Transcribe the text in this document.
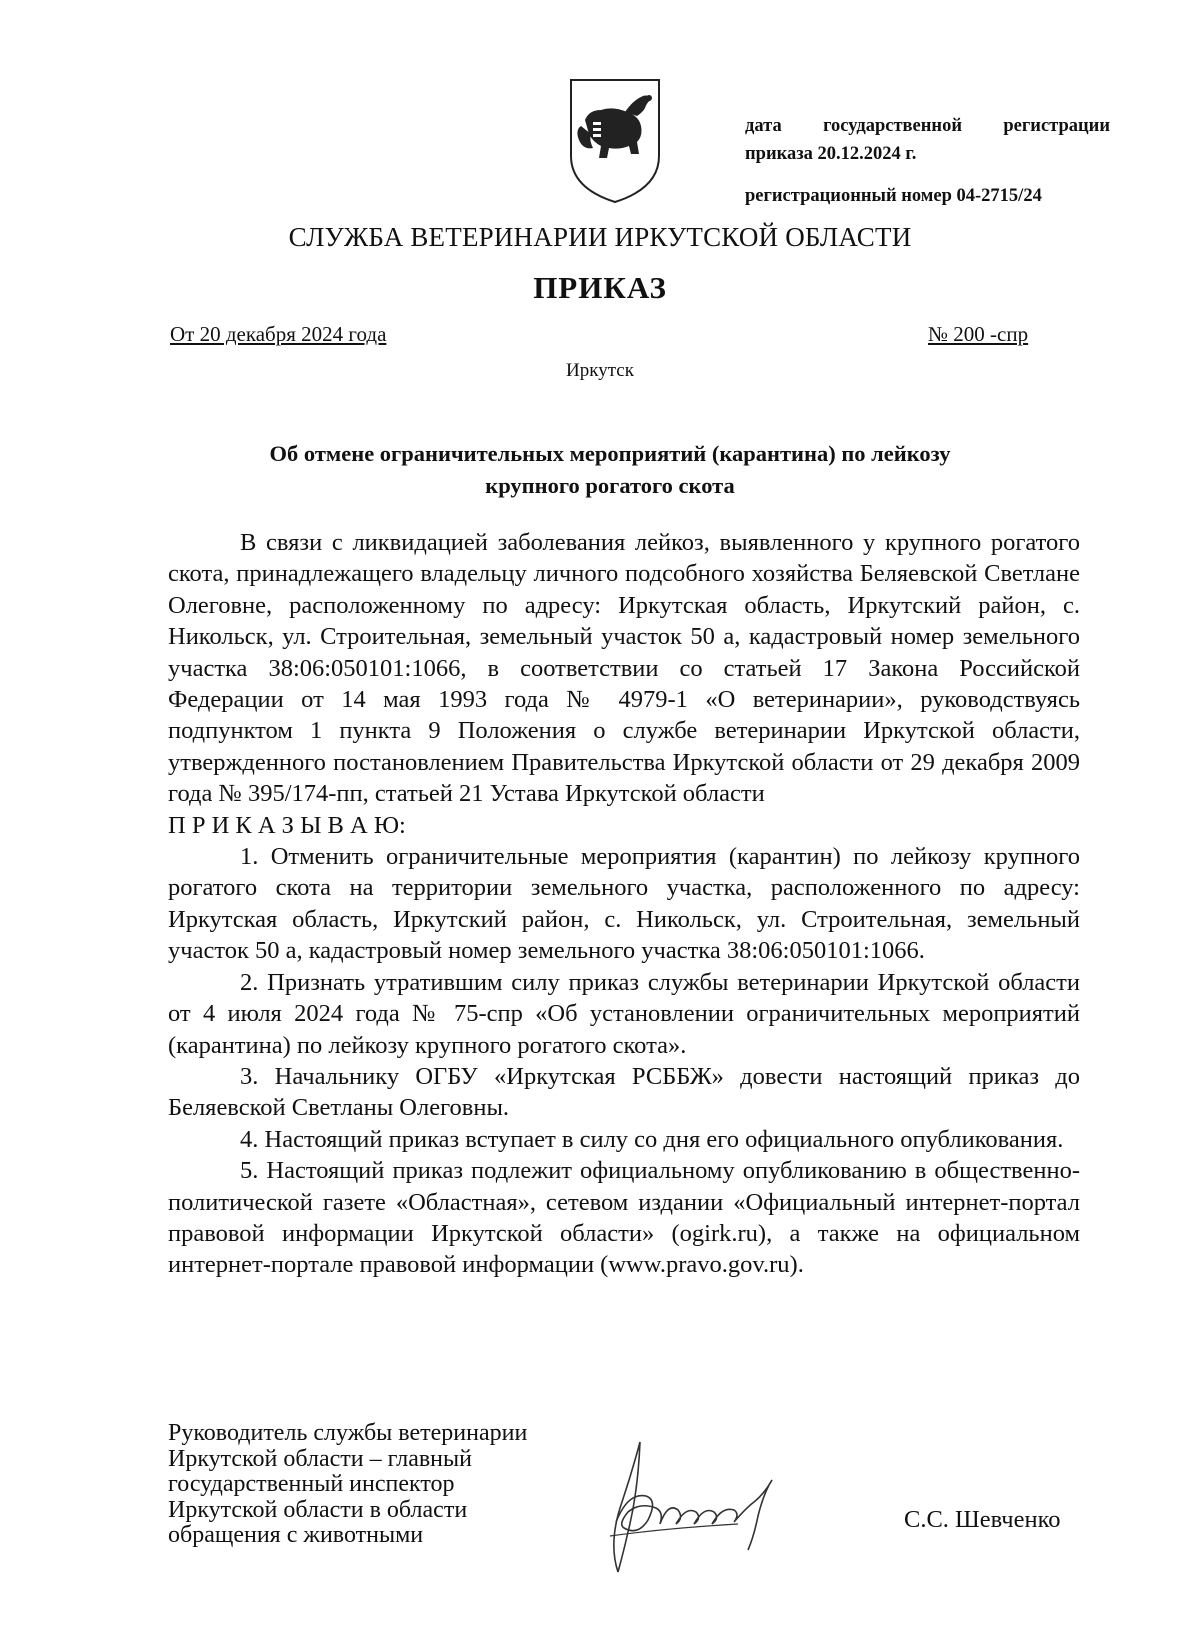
дата государственной регистрации
приказа 20.12.2024 г.
регистрационный номер 04-2715/24
СЛУЖБА ВЕТЕРИНАРИИ ИРКУТСКОЙ ОБЛАСТИ
ПРИКАЗ
От 20 декабря 2024 года	№ 200 -спр
Иркутск
Об отмене ограничительных мероприятий (карантина) по лейкозу
крупного рогатого скота

В связи с ликвидацией заболевания лейкоз, выявленного у крупного рогатого скота, принадлежащего владельцу личного подсобного хозяйства Беляевской Светлане Олеговне, расположенному по адресу: Иркутская область, Иркутский район, с. Никольск, ул. Строительная, земельный участок 50 а, кадастровый номер земельного участка 38:06:050101:1066, в соответствии со статьей 17 Закона Российской Федерации от 14 мая 1993 года № 4979-1 «О ветеринарии», руководствуясь подпунктом 1 пункта 9 Положения о службе ветеринарии Иркутской области, утвержденного постановлением Правительства Иркутской области от 29 декабря 2009 года № 395/174-пп, статьей 21 Устава Иркутской области

П Р И К А З Ы В А Ю:

1. Отменить ограничительные мероприятия (карантин) по лейкозу крупного рогатого скота на территории земельного участка, расположенного по адресу: Иркутская область, Иркутский район, с. Никольск, ул. Строительная, земельный участок 50 а, кадастровый номер земельного участка 38:06:050101:1066.

2. Признать утратившим силу приказ службы ветеринарии Иркутской области от 4 июля 2024 года № 75-спр «Об установлении ограничительных мероприятий (карантина) по лейкозу крупного рогатого скота».

3. Начальнику ОГБУ «Иркутская РСББЖ» довести настоящий приказ до Беляевской Светланы Олеговны.

4. Настоящий приказ вступает в силу со дня его официального опубликования.

5. Настоящий приказ подлежит официальному опубликованию в общественно-политической газете «Областная», сетевом издании «Официальный интернет-портал правовой информации Иркутской области» (ogirk.ru), а также на официальном интернет-портале правовой информации (www.pravo.gov.ru).

Руководитель службы ветеринарии
Иркутской области – главный
государственный инспектор
Иркутской области в области
обращения с животными
С.С. Шевченко
